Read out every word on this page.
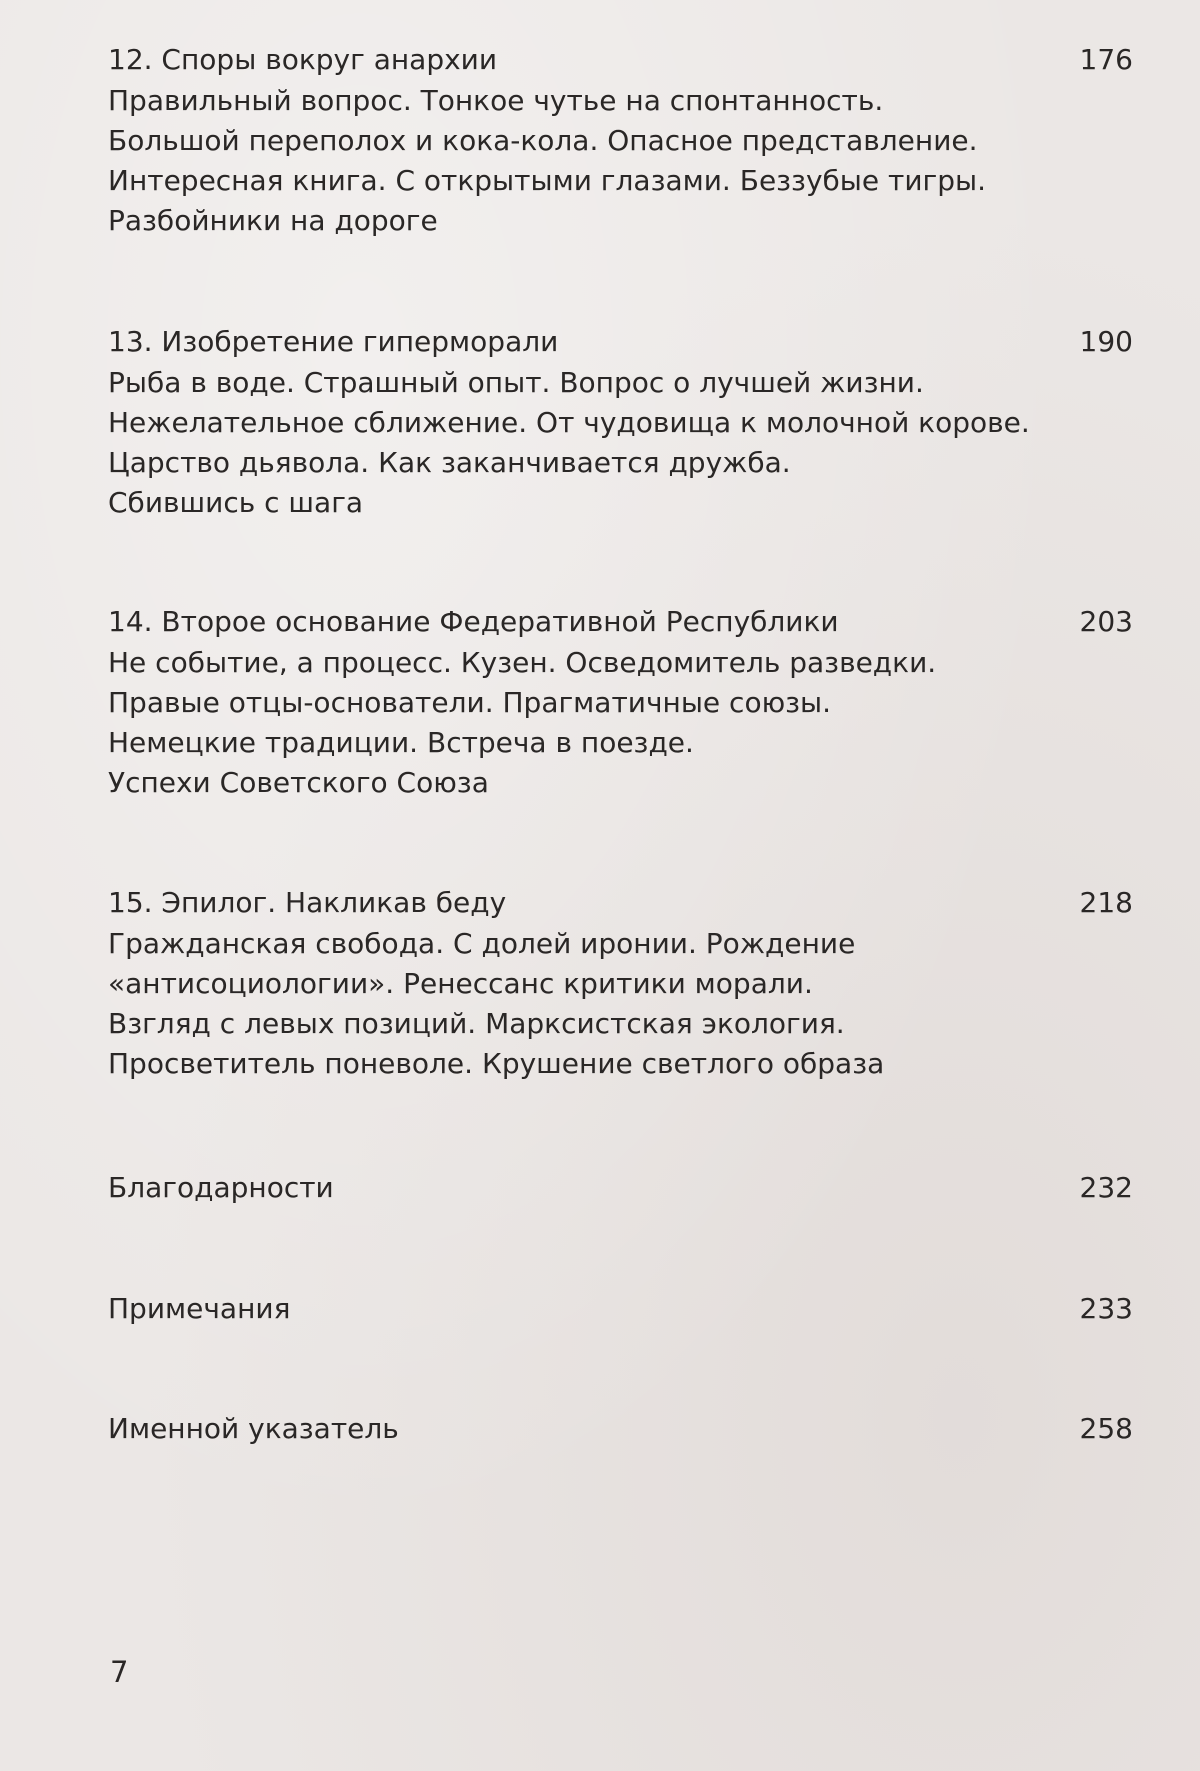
12. Споры вокруг анархии	176
Правильный вопрос. Тонкое чутье на спонтанность.
Большой переполох и кока-кола. Опасное представление.
Интересная книга. С открытыми глазами. Беззубые тигры.
Разбойники на дороге
13. Изобретение гиперморали	190
Рыба в воде. Страшный опыт. Вопрос о лучшей жизни.
Нежелательное сближение. От чудовища к молочной корове.
Царство дьявола. Как заканчивается дружба.
Сбившись с шага
14. Второе основание Федеративной Республики	203
Не событие, а процесс. Кузен. Осведомитель разведки.
Правые отцы-основатели. Прагматичные союзы.
Немецкие традиции. Встреча в поезде.
Успехи Советского Союза
15. Эпилог. Накликав беду	218
Гражданская свобода. С долей иронии. Рождение
«антисоциологии». Ренессанс критики морали.
Взгляд с левых позиций. Марксистская экология.
Просветитель поневоле. Крушение светлого образа
Благодарности	232
Примечания	233
Именной указатель	258
7
